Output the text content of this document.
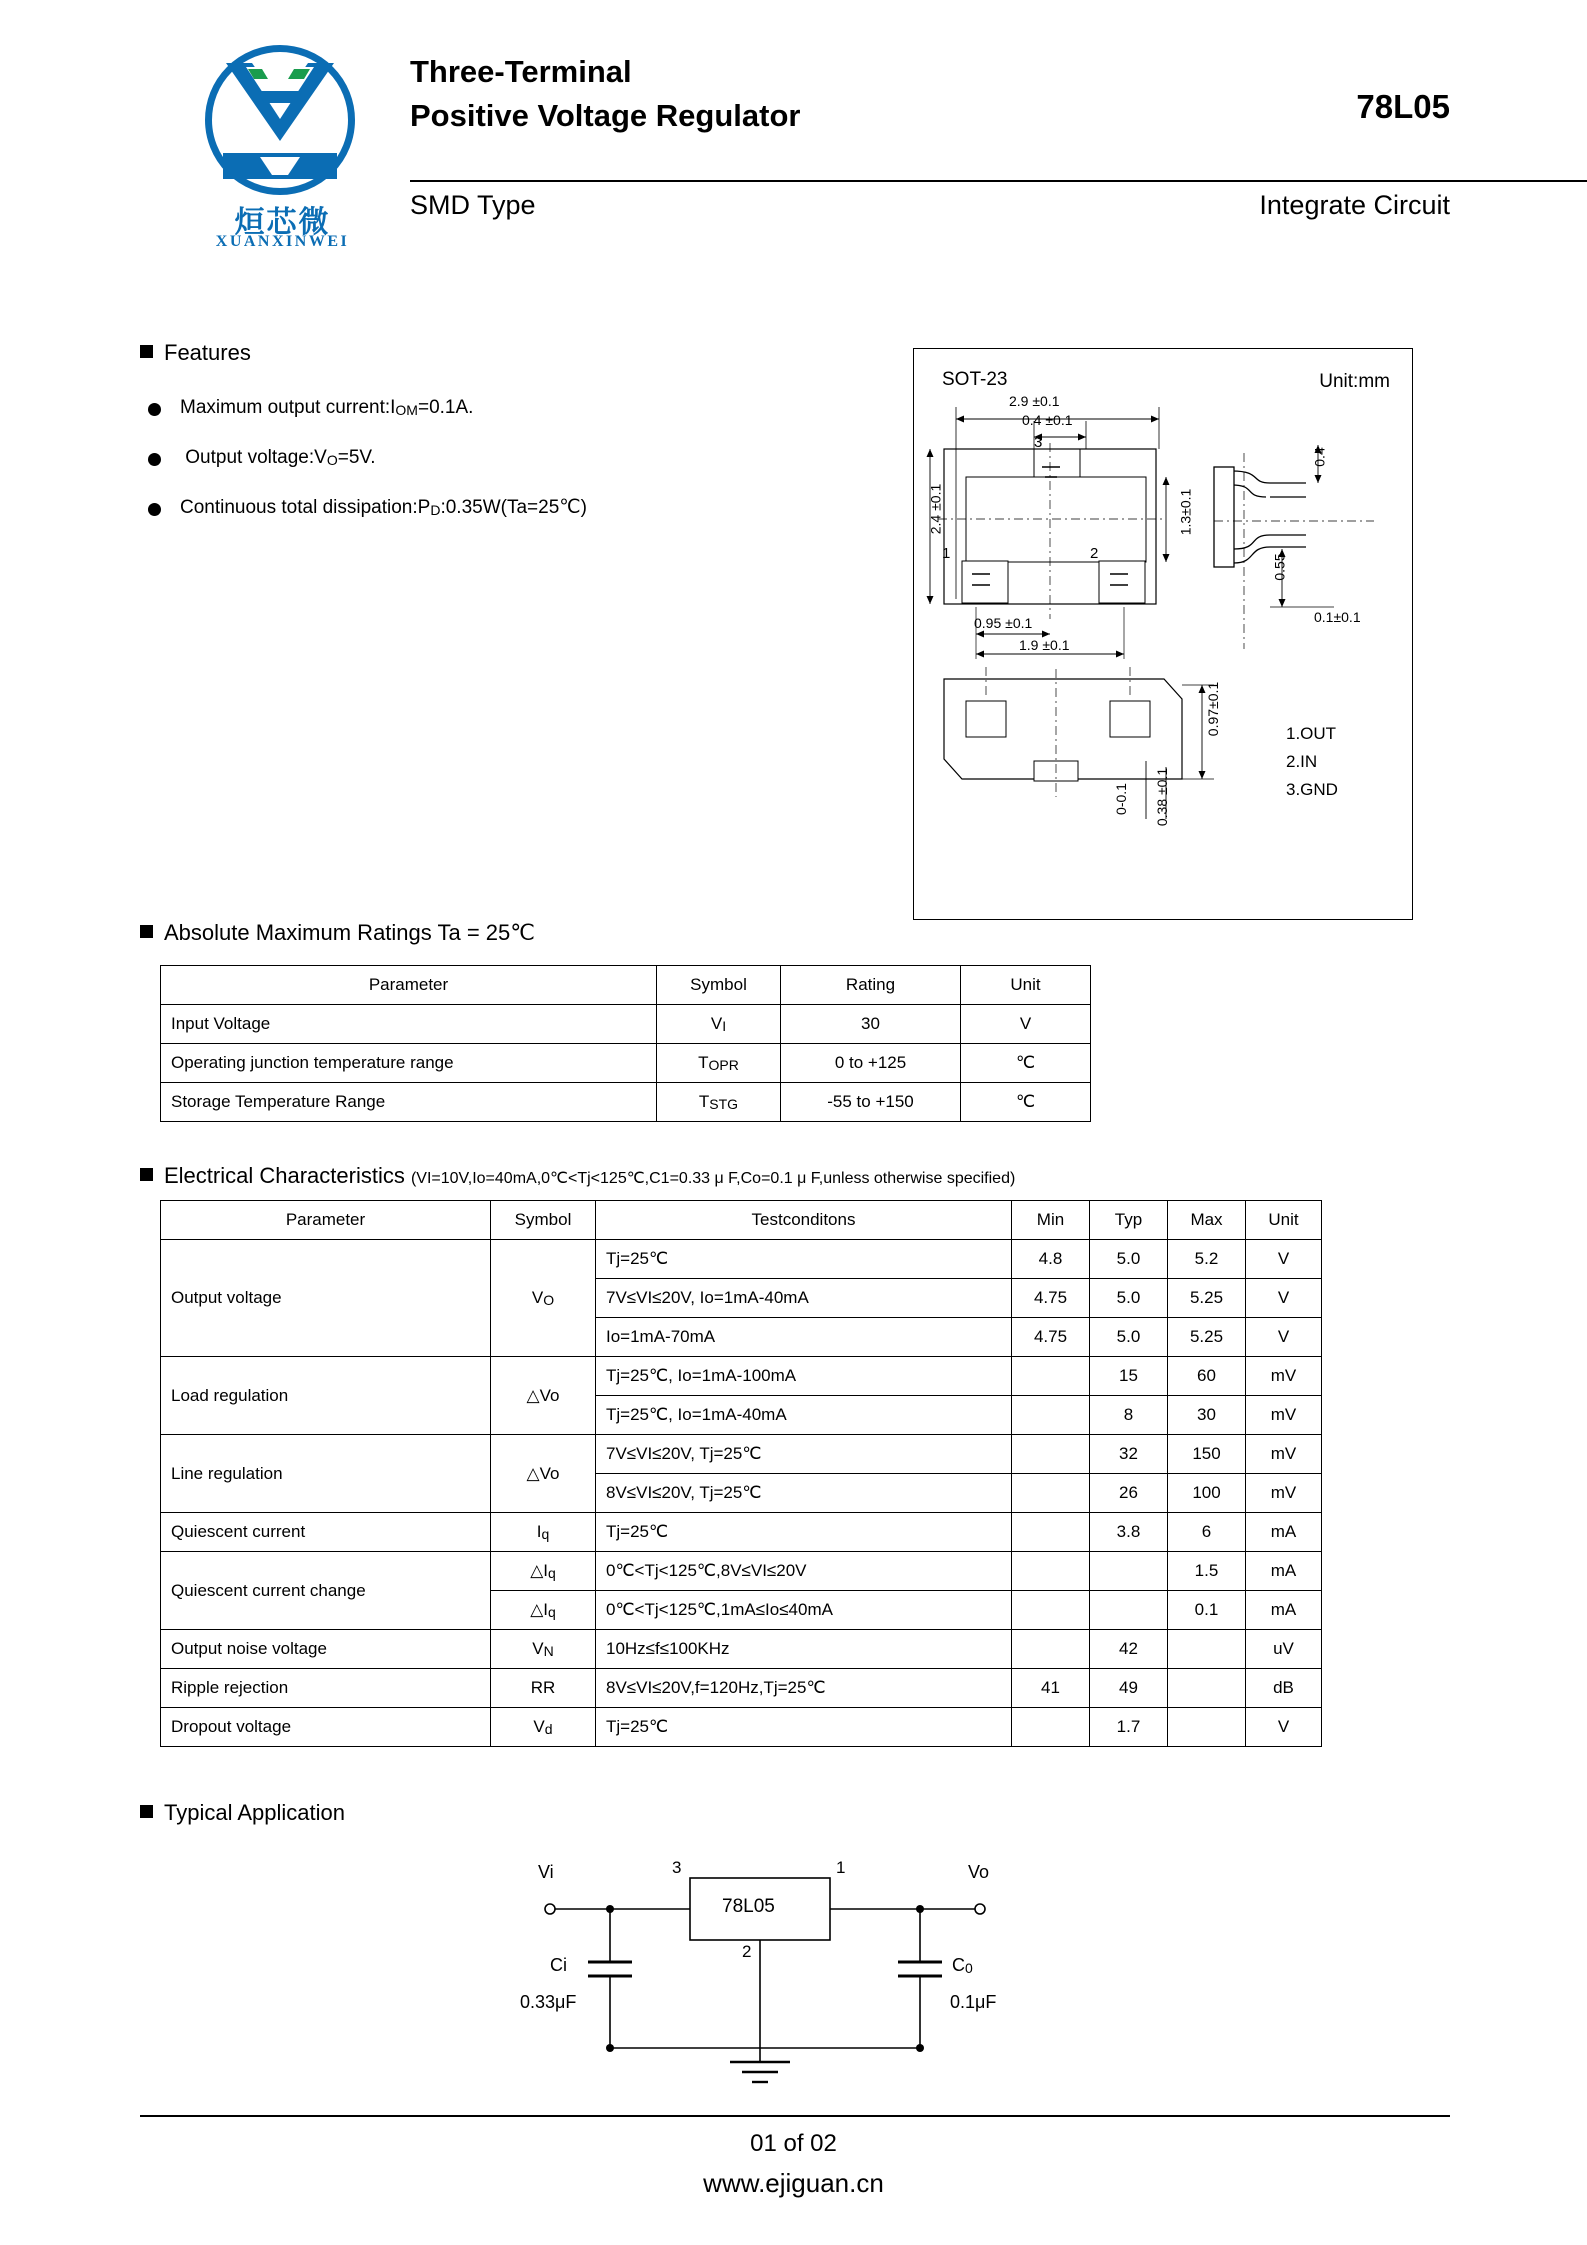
烜芯微
XUANXINWEI
Three-Terminal
Positive Voltage Regulator	78L05
SMD Type	Integrate Circuit
Features
Maximum output current:IOM=0.1A.
Output voltage:VO=5V.
Continuous total dissipation:PD:0.35W(Ta=25℃)
SOT-23	Unit:mm
2.9 ±0.1
0.4 ±0.1
2.4 ±0.1	1.3±0.1
0.95 ±0.1
1.9 ±0.1
0.4
0.55
0.1±0.1
0.97±0.1
0.38 ±0.1
0-0.1
1	2
3
1.OUT
2.IN
3.GND
Absolute Maximum Ratings Ta = 25℃
Parameter	Symbol	Rating	Unit
Input Voltage	VI	30	V
Operating junction temperature range	TOPR	0 to +125	℃
Storage Temperature Range	TSTG	-55 to +150	℃
Electrical Characteristics (VI=10V,Io=40mA,0℃<Tj<125℃,C1=0.33 μ F,Co=0.1 μ F,unless otherwise specified)
Parameter	Symbol	Testconditons	Min	Typ	Max	Unit
Output voltage	VO	Tj=25℃	4.8	5.0	5.2	V
		7V≤VI≤20V, Io=1mA-40mA	4.75	5.0	5.25	V
		Io=1mA-70mA	4.75	5.0	5.25	V
Load regulation	△Vo	Tj=25℃, Io=1mA-100mA		15	60	mV
		Tj=25℃, Io=1mA-40mA		8	30	mV
Line regulation	△Vo	7V≤VI≤20V, Tj=25℃		32	150	mV
		8V≤VI≤20V, Tj=25℃		26	100	mV
Quiescent current	Iq	Tj=25℃		3.8	6	mA
Quiescent current change	△Iq	0℃<Tj<125℃,8V≤VI≤20V			1.5	mA
	△Iq	0℃<Tj<125℃,1mA≤Io≤40mA			0.1	mA
Output noise voltage	VN	10Hz≤f≤100KHz		42		uV
Ripple rejection	RR	8V≤VI≤20V,f=120Hz,Tj=25℃	41	49		dB
Dropout voltage	Vd	Tj=25℃		1.7		V
Typical Application
Vi	Vo
3	1
2
78L05
Ci
0.33μF
C0
0.1μF
01 of 02
www.ejiguan.cn
